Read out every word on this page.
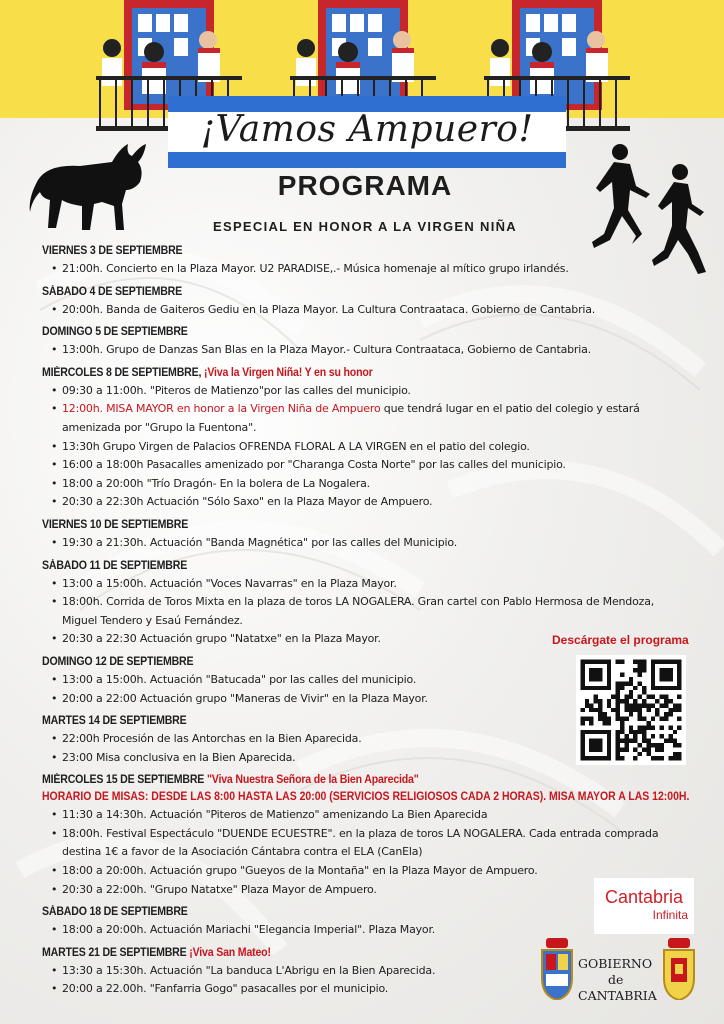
¡Vamos Ampuero!
PROGRAMA
ESPECIAL EN HONOR A LA VIRGEN NIÑA
VIERNES 3 DE SEPTIEMBRE
• 21:00h. Concierto en la Plaza Mayor. U2 PARADISE,.- Música homenaje al mítico grupo irlandés.
SÁBADO 4 DE SEPTIEMBRE
• 20:00h. Banda de Gaiteros Gediu en la Plaza Mayor. La Cultura Contraataca. Gobierno de Cantabria.
DOMINGO 5 DE SEPTIEMBRE
• 13:00h. Grupo de Danzas San Blas en la Plaza Mayor.- Cultura Contraataca, Gobierno de Cantabria.
MIÉRCOLES 8 DE SEPTIEMBRE, ¡Viva la Virgen Niña! Y en su honor
• 09:30 a 11:00h. "Piteros de Matienzo"por las calles del municipio.
• 12:00h. MISA MAYOR en honor a la Virgen Niña de Ampuero que tendrá lugar en el patio del colegio y estará amenizada por "Grupo la Fuentona".
• 13:30h Grupo Virgen de Palacios OFRENDA FLORAL A LA VIRGEN en el patio del colegio.
• 16:00 a 18:00h Pasacalles amenizado por "Charanga Costa Norte" por las calles del municipio.
• 18:00 a 20:00h "Trío Dragón- En la bolera de La Nogalera.
• 20:30 a 22:30h Actuación "Sólo Saxo" en la Plaza Mayor de Ampuero.
VIERNES 10 DE SEPTIEMBRE
• 19:30 a 21:30h. Actuación "Banda Magnética" por las calles del Municipio.
SÁBADO 11 DE SEPTIEMBRE
• 13:00 a 15:00h. Actuación "Voces Navarras" en la Plaza Mayor.
• 18:00h. Corrida de Toros Mixta en la plaza de toros LA NOGALERA. Gran cartel con Pablo Hermosa de Mendoza, Miguel Tendero y Esaú Fernández.
• 20:30 a 22:30 Actuación grupo "Natatxe" en la Plaza Mayor.
DOMINGO 12 DE SEPTIEMBRE
• 13:00 a 15:00h. Actuación "Batucada" por las calles del municipio.
• 20:00 a 22:00 Actuación grupo "Maneras de Vivir" en la Plaza Mayor.
MARTES 14 DE SEPTIEMBRE
• 22:00h Procesión de las Antorchas en la Bien Aparecida.
• 23:00 Misa conclusiva en la Bien Aparecida.
MIÉRCOLES 15 DE SEPTIEMBRE "Viva Nuestra Señora de la Bien Aparecida"
HORARIO DE MISAS: DESDE LAS 8:00 HASTA LAS 20:00 (SERVICIOS RELIGIOSOS CADA 2 HORAS). MISA MAYOR A LAS 12:00H.
• 11:30 a 14:30h. Actuación "Piteros de Matienzo" amenizando La Bien Aparecida
• 18:00h. Festival Espectáculo "DUENDE ECUESTRE". en la plaza de toros LA NOGALERA. Cada entrada comprada destina 1€ a favor de la Asociación Cántabra contra el ELA (CanEla)
• 18:00 a 20:00h. Actuación grupo "Gueyos de la Montaña" en la Plaza Mayor de Ampuero.
• 20:30 a 22:00h. "Grupo Natatxe" Plaza Mayor de Ampuero.
SÁBADO 18 DE SEPTIEMBRE
• 18:00 a 20:00h. Actuación Mariachi "Elegancia Imperial". Plaza Mayor.
MARTES 21 DE SEPTIEMBRE ¡Viva San Mateo!
• 13:30 a 15:30h. Actuación "La banduca L'Abrigu en la Bien Aparecida.
• 20:00 a 22.00h. "Fanfarria Gogo" pasacalles por el municipio.
Descárgate el programa
Cantabria
Infinita
GOBIERNO
de
CANTABRIA
